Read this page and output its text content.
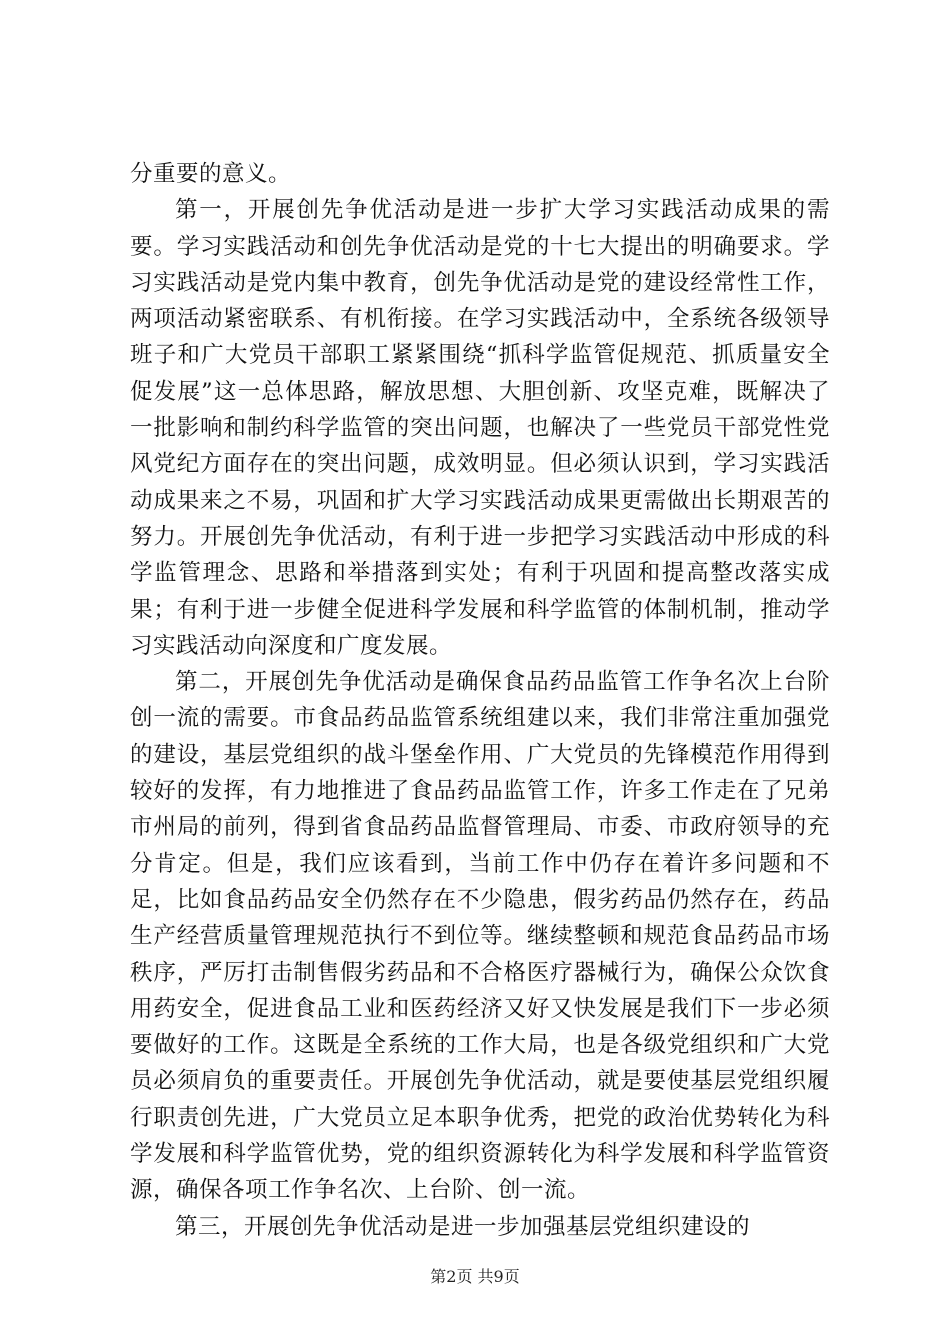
分重要的意义。

第一，开展创先争优活动是进一步扩大学习实践活动成果的需要。学习实践活动和创先争优活动是党的十七大提出的明确要求。学习实践活动是党内集中教育，创先争优活动是党的建设经常性工作，两项活动紧密联系、有机衔接。在学习实践活动中，全系统各级领导班子和广大党员干部职工紧紧围绕“抓科学监管促规范、抓质量安全促发展”这一总体思路，解放思想、大胆创新、攻坚克难，既解决了一批影响和制约科学监管的突出问题，也解决了一些党员干部党性党风党纪方面存在的突出问题，成效明显。但必须认识到，学习实践活动成果来之不易，巩固和扩大学习实践活动成果更需做出长期艰苦的努力。开展创先争优活动，有利于进一步把学习实践活动中形成的科学监管理念、思路和举措落到实处；有利于巩固和提高整改落实成果；有利于进一步健全促进科学发展和科学监管的体制机制，推动学习实践活动向深度和广度发展。

第二，开展创先争优活动是确保食品药品监管工作争名次上台阶创一流的需要。市食品药品监管系统组建以来，我们非常注重加强党的建设，基层党组织的战斗堡垒作用、广大党员的先锋模范作用得到较好的发挥，有力地推进了食品药品监管工作，许多工作走在了兄弟市州局的前列，得到省食品药品监督管理局、市委、市政府领导的充分肯定。但是，我们应该看到，当前工作中仍存在着许多问题和不足，比如食品药品安全仍然存在不少隐患，假劣药品仍然存在，药品生产经营质量管理规范执行不到位等。继续整顿和规范食品药品市场秩序，严厉打击制售假劣药品和不合格医疗器械行为，确保公众饮食用药安全，促进食品工业和医药经济又好又快发展是我们下一步必须要做好的工作。这既是全系统的工作大局，也是各级党组织和广大党员必须肩负的重要责任。开展创先争优活动，就是要使基层党组织履行职责创先进，广大党员立足本职争优秀，把党的政治优势转化为科学发展和科学监管优势，党的组织资源转化为科学发展和科学监管资源，确保各项工作争名次、上台阶、创一流。

第三，开展创先争优活动是进一步加强基层党组织建设的

第2页 共9页
